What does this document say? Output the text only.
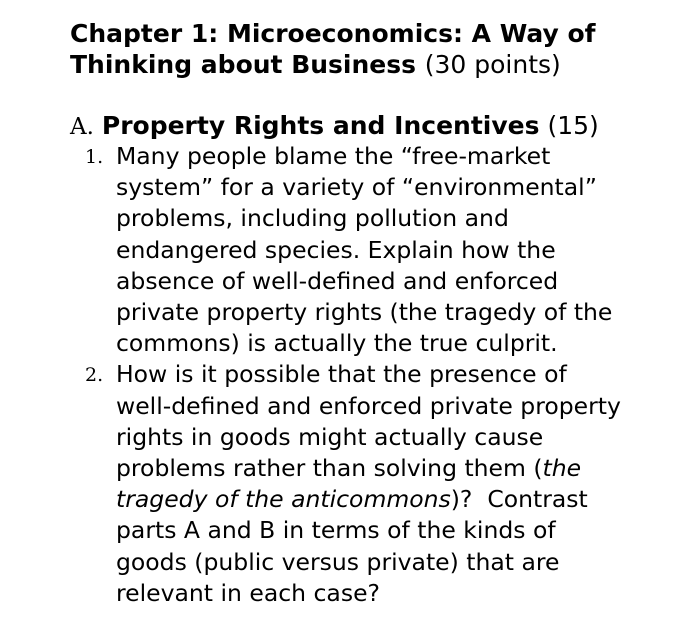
Chapter 1: Microeconomics: A Way of
Thinking about Business (30 points)
A. Property Rights and Incentives (15)
1. Many people blame the “free-market
system” for a variety of “environmental”
problems, including pollution and
endangered species. Explain how the
absence of well-defined and enforced
private property rights (the tragedy of the
commons) is actually the true culprit.
2. How is it possible that the presence of
well-defined and enforced private property
rights in goods might actually cause
problems rather than solving them (the
tragedy of the anticommons)?  Contrast
parts A and B in terms of the kinds of
goods (public versus private) that are
relevant in each case?
